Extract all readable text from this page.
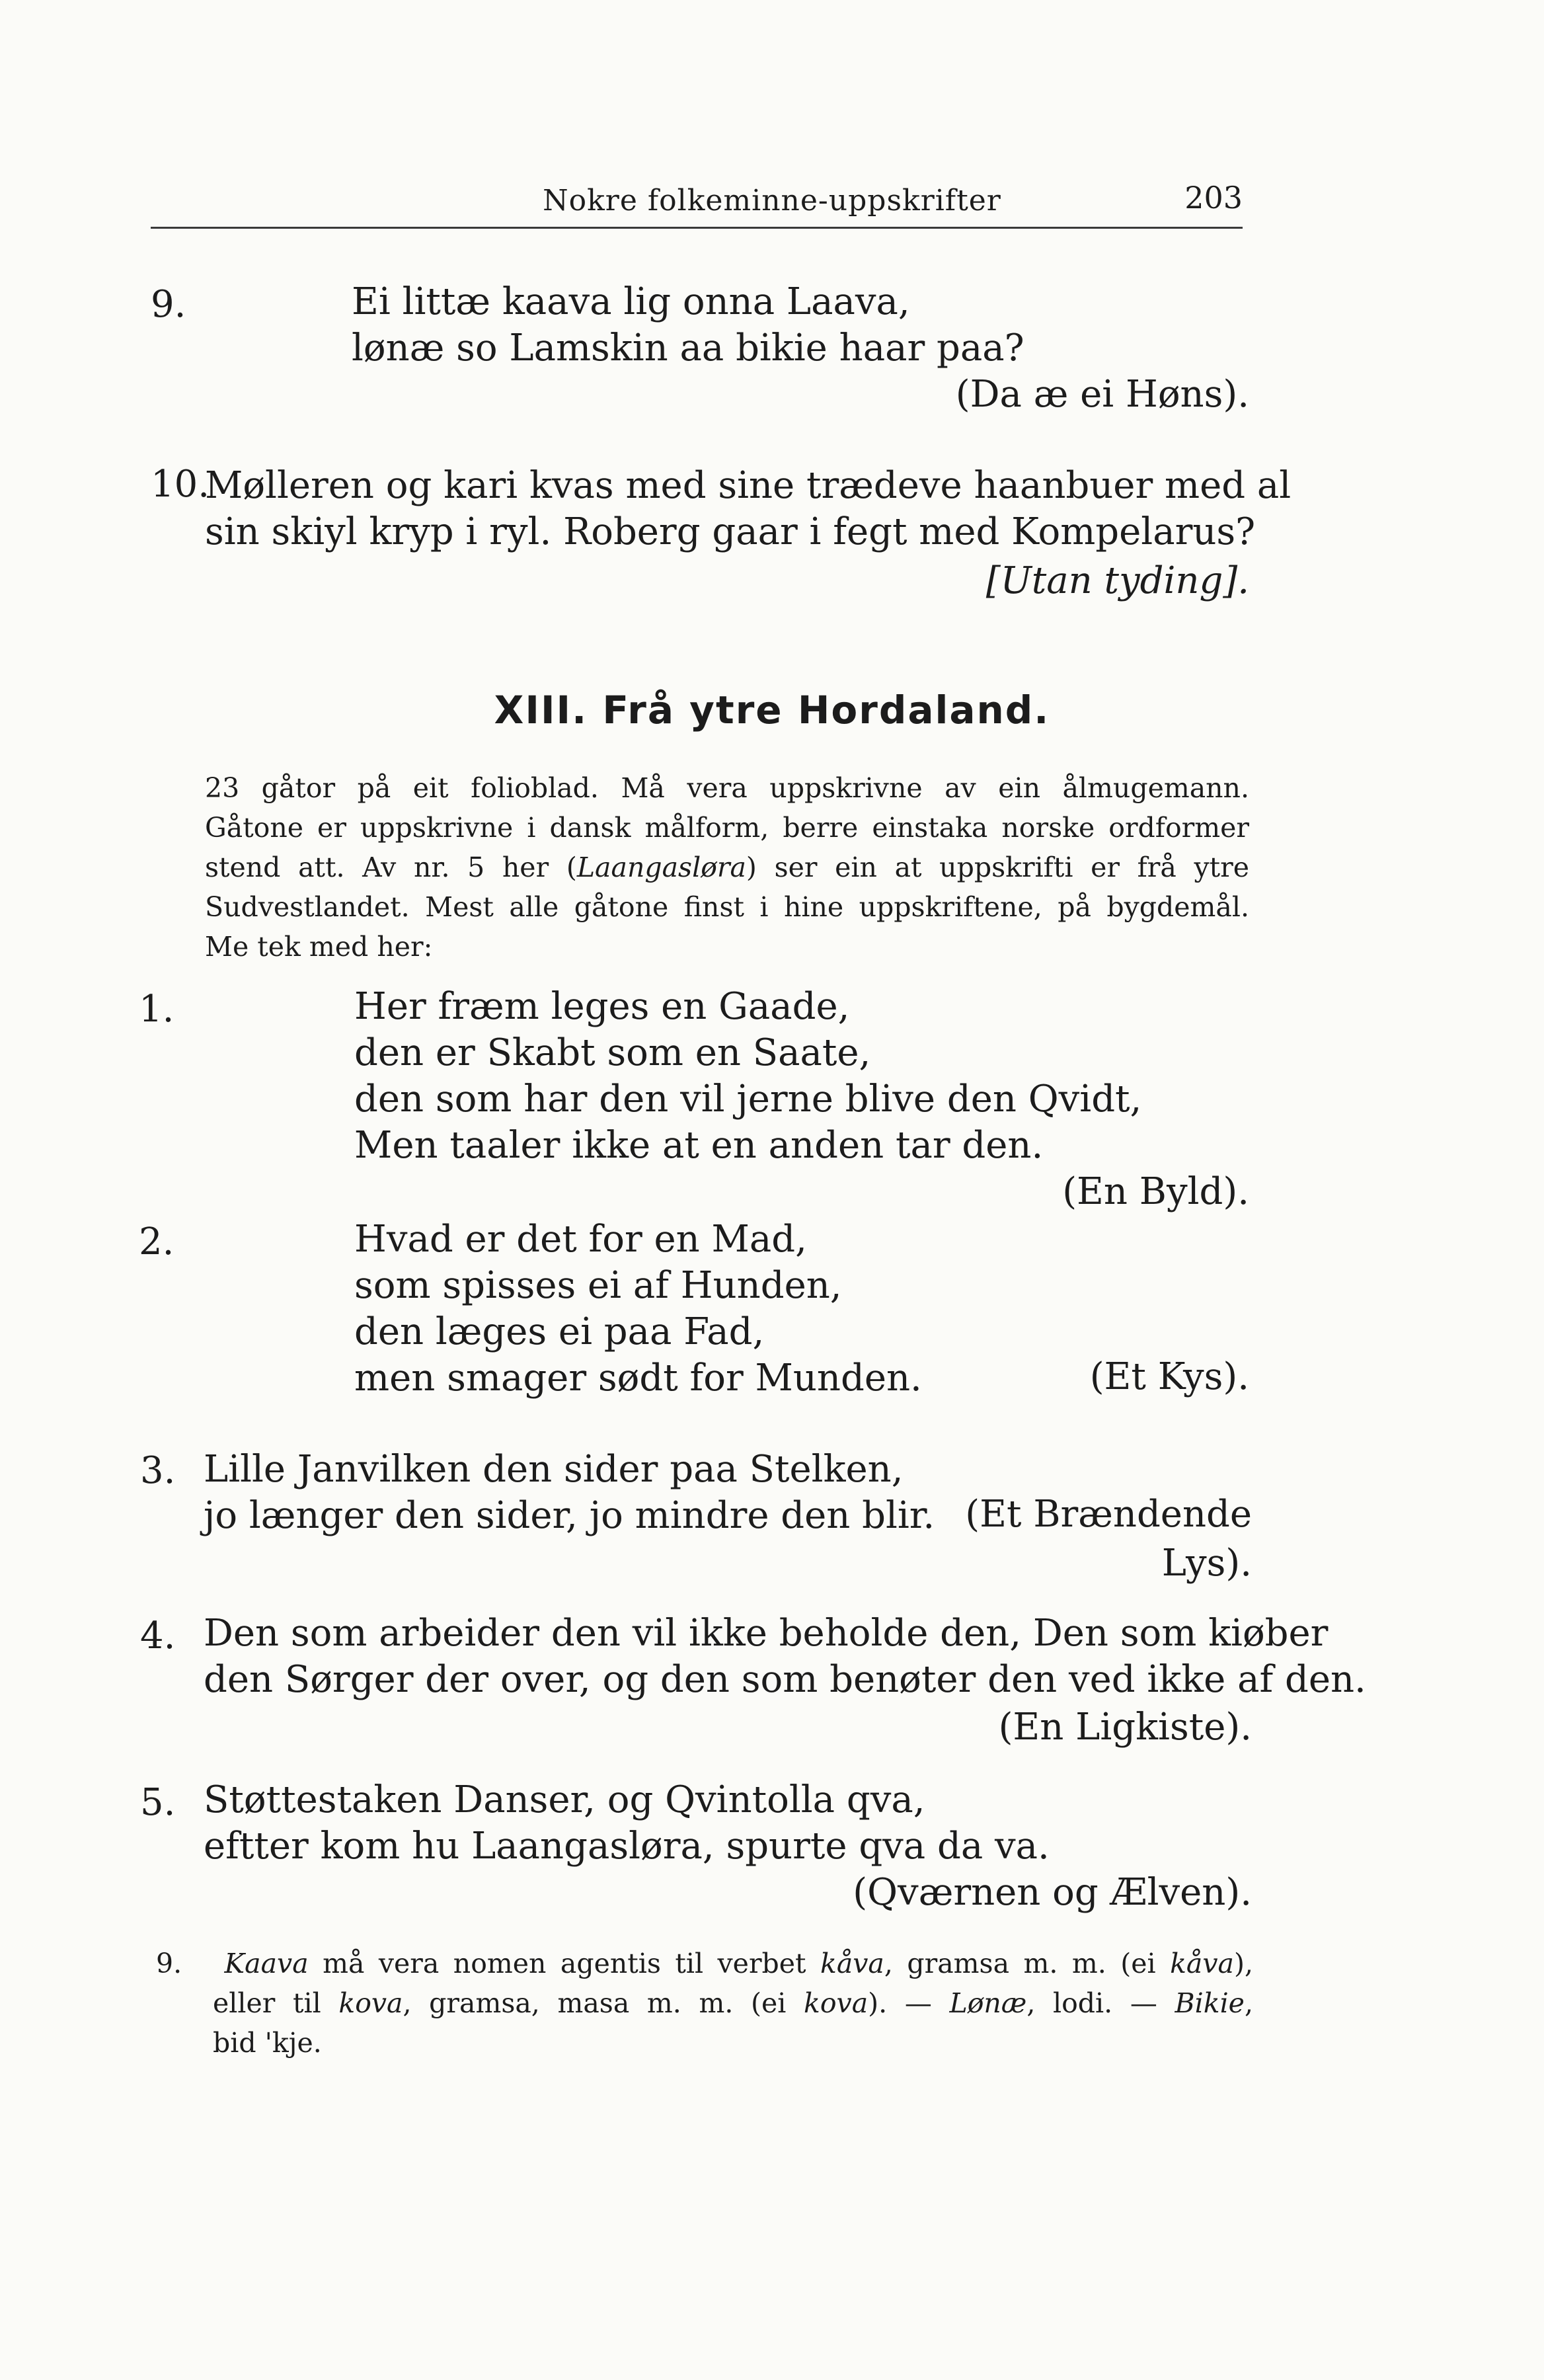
Nokre folkeminne-uppskrifter	203
9.	Ei littæ kaava lig onna Laava,
lønæ so Lamskin aa bikie haar paa?
(Da æ ei Høns).
10.
Mølleren og kari kvas med sine trædeve haanbuer med al
sin skiyl kryp i ryl. Roberg gaar i fegt med Kompelarus?
[Utan tyding].
XIII. Frå ytre Hordaland.
23 gåtor på eit folioblad. Må vera uppskrivne av ein ålmugemann.
Gåtone er uppskrivne i dansk målform, berre einstaka norske ordformer
stend att. Av nr. 5 her (Laangasløra) ser ein at uppskrifti er frå ytre
Sudvestlandet. Mest alle gåtone finst i hine uppskriftene, på bygdemål.
Me tek med her:
1.	Her fræm leges en Gaade,
den er Skabt som en Saate,
den som har den vil jerne blive den Qvidt,
Men taaler ikke at en anden tar den.
(En Byld).
2.	Hvad er det for en Mad,
som spisses ei af Hunden,
den læges ei paa Fad,
men smager sødt for Munden.	(Et Kys).
3. Lille Janvilken den sider paa Stelken,
jo længer den sider, jo mindre den blir. (Et Brændende
Lys).
4. Den som arbeider den vil ikke beholde den, Den som kiøber
den Sørger der over, og den som benøter den ved ikke af den.
(En Ligkiste).
5. Støttestaken Danser, og Qvintolla qva,
eftter kom hu Laangasløra, spurte qva da va.
(Qværnen og Ælven).
9. Kaava må vera nomen agentis til verbet kåva, gramsa m. m. (ei kåva),
eller til kova, gramsa, masa m. m. (ei kova). — Lønæ, lodi. — Bikie,
bid 'kje.
